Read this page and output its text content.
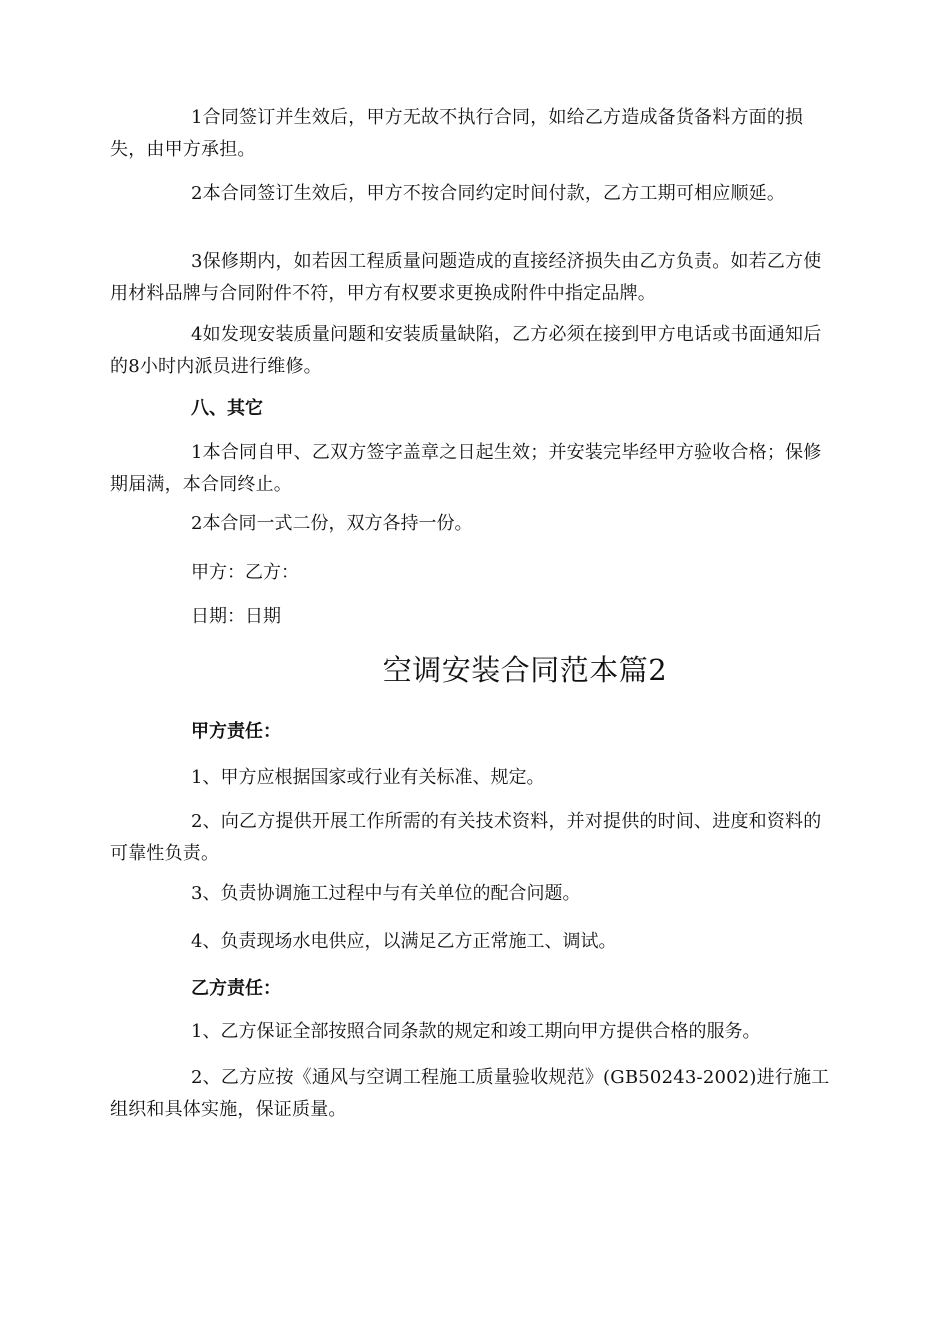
1合同签订并生效后，甲方无故不执行合同，如给乙方造成备货备料方面的损失，由甲方承担。

2本合同签订生效后，甲方不按合同约定时间付款，乙方工期可相应顺延。

3保修期内，如若因工程质量问题造成的直接经济损失由乙方负责。如若乙方使用材料品牌与合同附件不符，甲方有权要求更换成附件中指定品牌。

4如发现安装质量问题和安装质量缺陷，乙方必须在接到甲方电话或书面通知后的8小时内派员进行维修。

八、其它

1本合同自甲、乙双方签字盖章之日起生效；并安装完毕经甲方验收合格；保修期届满，本合同终止。

2本合同一式二份，双方各持一份。

甲方：乙方：

日期：日期

空调安装合同范本篇2

甲方责任：

1、甲方应根据国家或行业有关标准、规定。

2、向乙方提供开展工作所需的有关技术资料，并对提供的时间、进度和资料的可靠性负责。

3、负责协调施工过程中与有关单位的配合问题。

4、负责现场水电供应，以满足乙方正常施工、调试。

乙方责任：

1、乙方保证全部按照合同条款的规定和竣工期向甲方提供合格的服务。

2、乙方应按《通风与空调工程施工质量验收规范》(GB50243-2002)进行施工组织和具体实施，保证质量。
